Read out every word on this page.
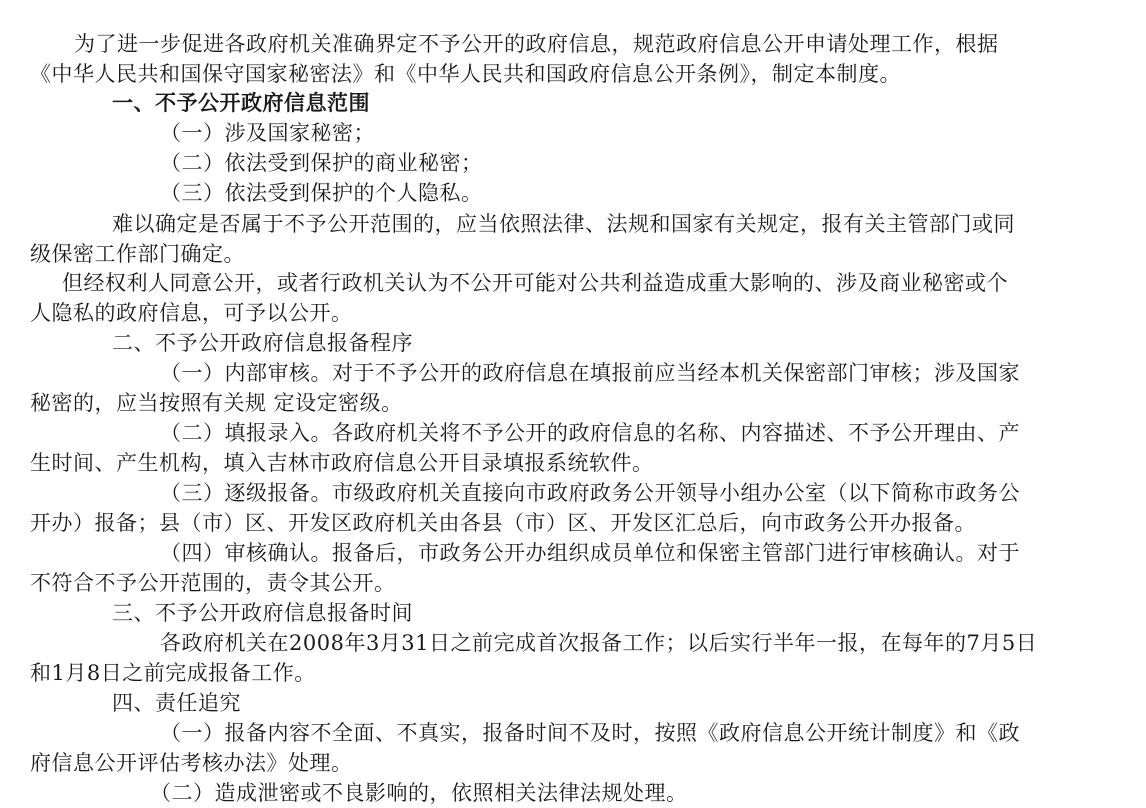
为了进一步促进各政府机关准确界定不予公开的政府信息，规范政府信息公开申请处理工作，根据
《中华人民共和国保守国家秘密法》和《中华人民共和国政府信息公开条例》，制定本制度。
一、不予公开政府信息范围
（一）涉及国家秘密；
（二）依法受到保护的商业秘密；
（三）依法受到保护的个人隐私。
难以确定是否属于不予公开范围的，应当依照法律、法规和国家有关规定，报有关主管部门或同
级保密工作部门确定。
但经权利人同意公开，或者行政机关认为不公开可能对公共利益造成重大影响的、涉及商业秘密或个
人隐私的政府信息，可予以公开。
二、不予公开政府信息报备程序
（一）内部审核。对于不予公开的政府信息在填报前应当经本机关保密部门审核；涉及国家
秘密的，应当按照有关规 定设定密级。
（二）填报录入。各政府机关将不予公开的政府信息的名称、内容描述、不予公开理由、产
生时间、产生机构，填入吉林市政府信息公开目录填报系统软件。
（三）逐级报备。市级政府机关直接向市政府政务公开领导小组办公室（以下简称市政务公
开办）报备；县（市）区、开发区政府机关由各县（市）区、开发区汇总后，向市政务公开办报备。
（四）审核确认。报备后，市政务公开办组织成员单位和保密主管部门进行审核确认。对于
不符合不予公开范围的，责令其公开。
三、不予公开政府信息报备时间
各政府机关在2008年3月31日之前完成首次报备工作；以后实行半年一报，在每年的7月5日
和1月8日之前完成报备工作。
四、责任追究
（一）报备内容不全面、不真实，报备时间不及时，按照《政府信息公开统计制度》和《政
府信息公开评估考核办法》处理。
（二）造成泄密或不良影响的，依照相关法律法规处理。
